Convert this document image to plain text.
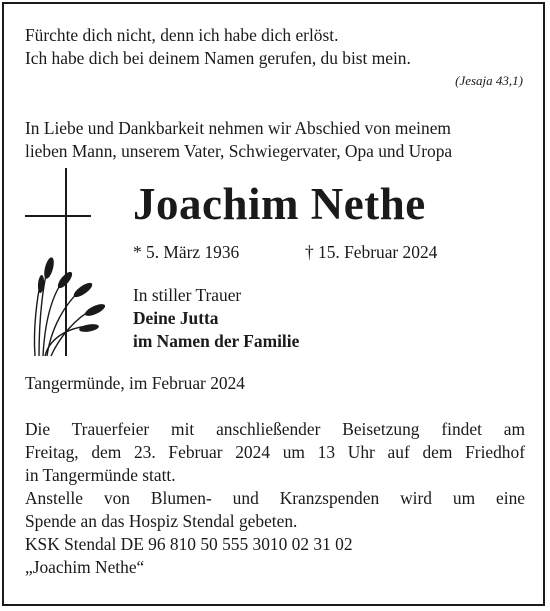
Fürchte dich nicht, denn ich habe dich erlöst.
Ich habe dich bei deinem Namen gerufen, du bist mein.
(Jesaja 43,1)
In Liebe und Dankbarkeit nehmen wir Abschied von meinem
lieben Mann, unserem Vater, Schwiegervater, Opa und Uropa
Joachim Nethe
* 5. März 1936	† 15. Februar 2024
In stiller Trauer
Deine Jutta
im Namen der Familie
Tangermünde, im Februar 2024
Die Trauerfeier mit anschließender Beisetzung findet am
Freitag, dem 23. Februar 2024 um 13 Uhr auf dem Friedhof
in Tangermünde statt.
Anstelle von Blumen- und Kranzspenden wird um eine
Spende an das Hospiz Stendal gebeten.
KSK Stendal DE 96 810 50 555 3010 02 31 02
„Joachim Nethe“
